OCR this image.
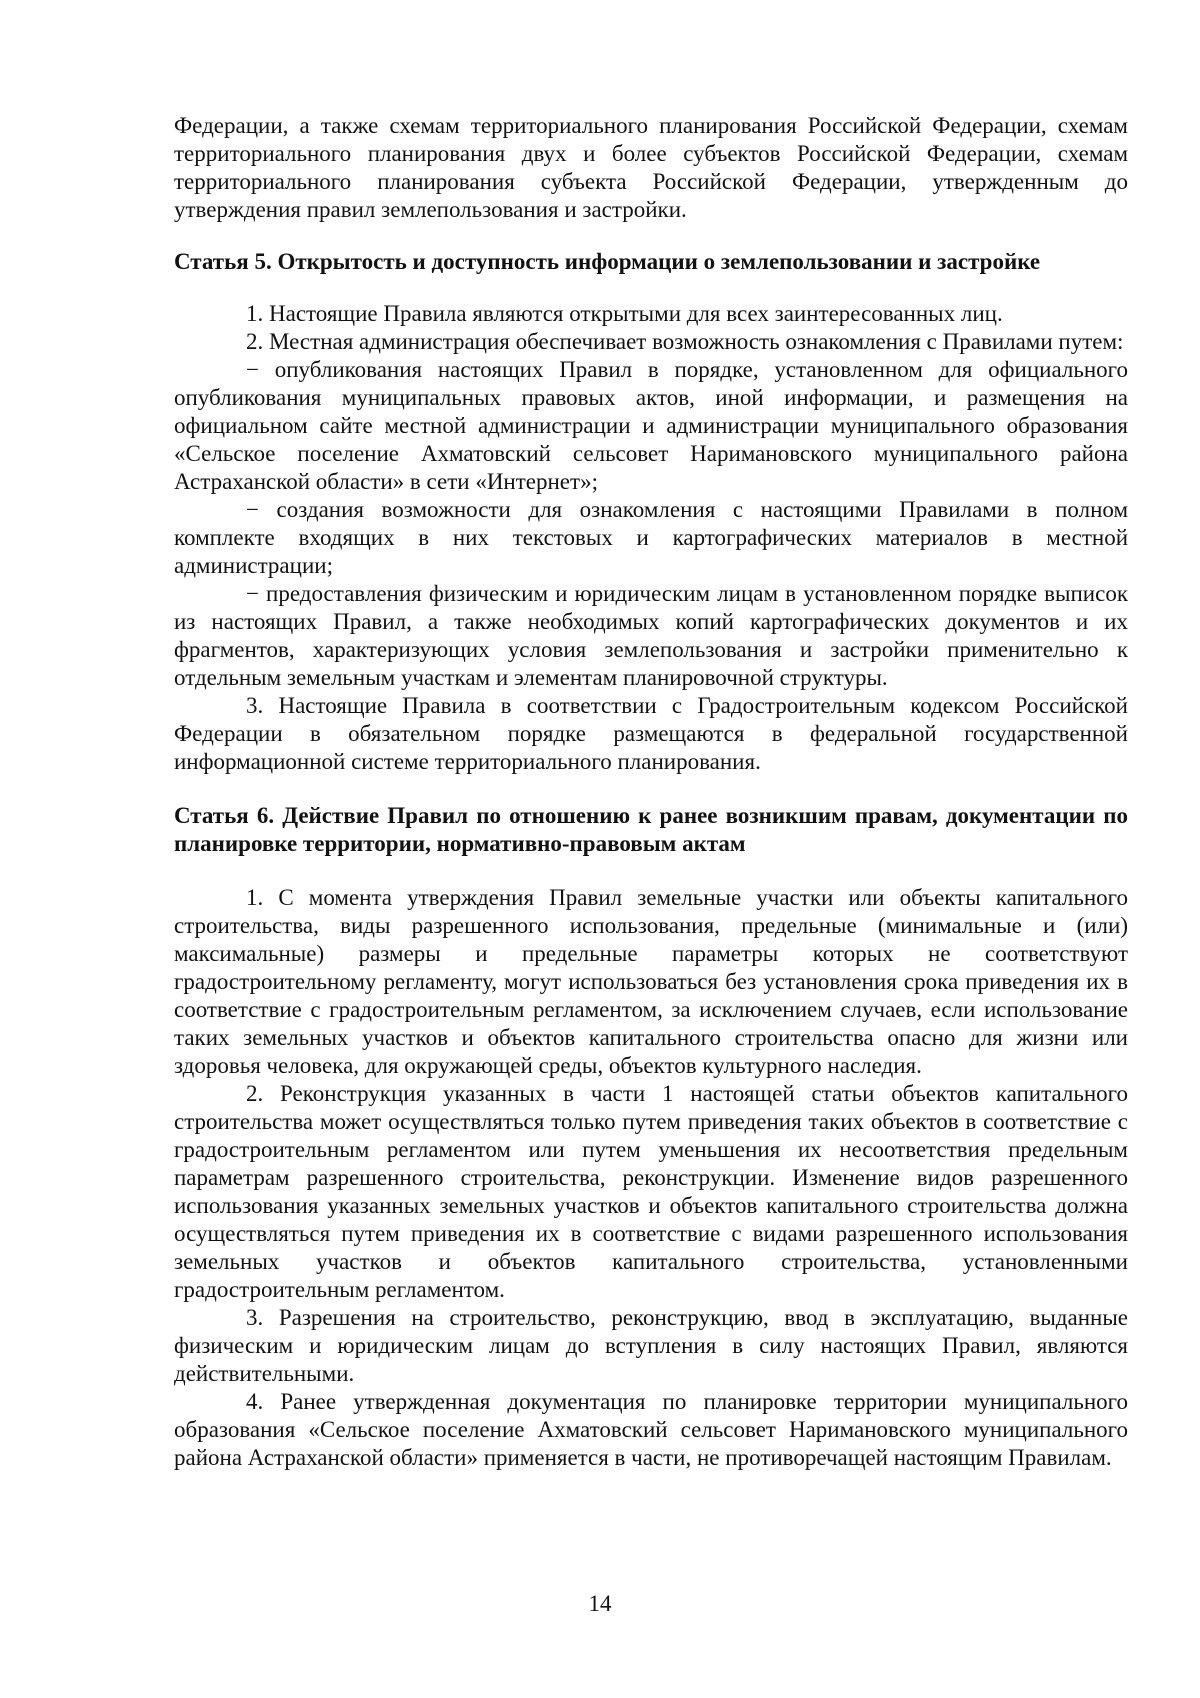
Федерации, а также схемам территориального планирования Российской Федерации, схемам территориального планирования двух и более субъектов Российской Федерации, схемам территориального планирования субъекта Российской Федерации, утвержденным до утверждения правил землепользования и застройки.

Статья 5. Открытость и доступность информации о землепользовании и застройке

1. Настоящие Правила являются открытыми для всех заинтересованных лиц.

2. Местная администрация обеспечивает возможность ознакомления с Правилами путем:

− опубликования настоящих Правил в порядке, установленном для официального опубликования муниципальных правовых актов, иной информации, и размещения на официальном сайте местной администрации и администрации муниципального образования «Сельское поселение Ахматовский сельсовет Наримановского муниципального района Астраханской области» в сети «Интернет»;

− создания возможности для ознакомления с настоящими Правилами в полном комплекте входящих в них текстовых и картографических материалов в местной администрации;

− предоставления физическим и юридическим лицам в установленном порядке выписок из настоящих Правил, а также необходимых копий картографических документов и их фрагментов, характеризующих условия землепользования и застройки применительно к отдельным земельным участкам и элементам планировочной структуры.

3. Настоящие Правила в соответствии с Градостроительным кодексом Российской Федерации в обязательном порядке размещаются в федеральной государственной информационной системе территориального планирования.

Статья 6. Действие Правил по отношению к ранее возникшим правам, документации по планировке территории, нормативно-правовым актам

1. С момента утверждения Правил земельные участки или объекты капитального строительства, виды разрешенного использования, предельные (минимальные и (или) максимальные) размеры и предельные параметры которых не соответствуют градостроительному регламенту, могут использоваться без установления срока приведения их в соответствие с градостроительным регламентом, за исключением случаев, если использование таких земельных участков и объектов капитального строительства опасно для жизни или здоровья человека, для окружающей среды, объектов культурного наследия.

2. Реконструкция указанных в части 1 настоящей статьи объектов капитального строительства может осуществляться только путем приведения таких объектов в соответствие с градостроительным регламентом или путем уменьшения их несоответствия предельным параметрам разрешенного строительства, реконструкции. Изменение видов разрешенного использования указанных земельных участков и объектов капитального строительства должна осуществляться путем приведения их в соответствие с видами разрешенного использования земельных участков и объектов капитального строительства, установленными градостроительным регламентом.

3. Разрешения на строительство, реконструкцию, ввод в эксплуатацию, выданные физическим и юридическим лицам до вступления в силу настоящих Правил, являются действительными.

4. Ранее утвержденная документация по планировке территории муниципального образования «Сельское поселение Ахматовский сельсовет Наримановского муниципального района Астраханской области» применяется в части, не противоречащей настоящим Правилам.

14
